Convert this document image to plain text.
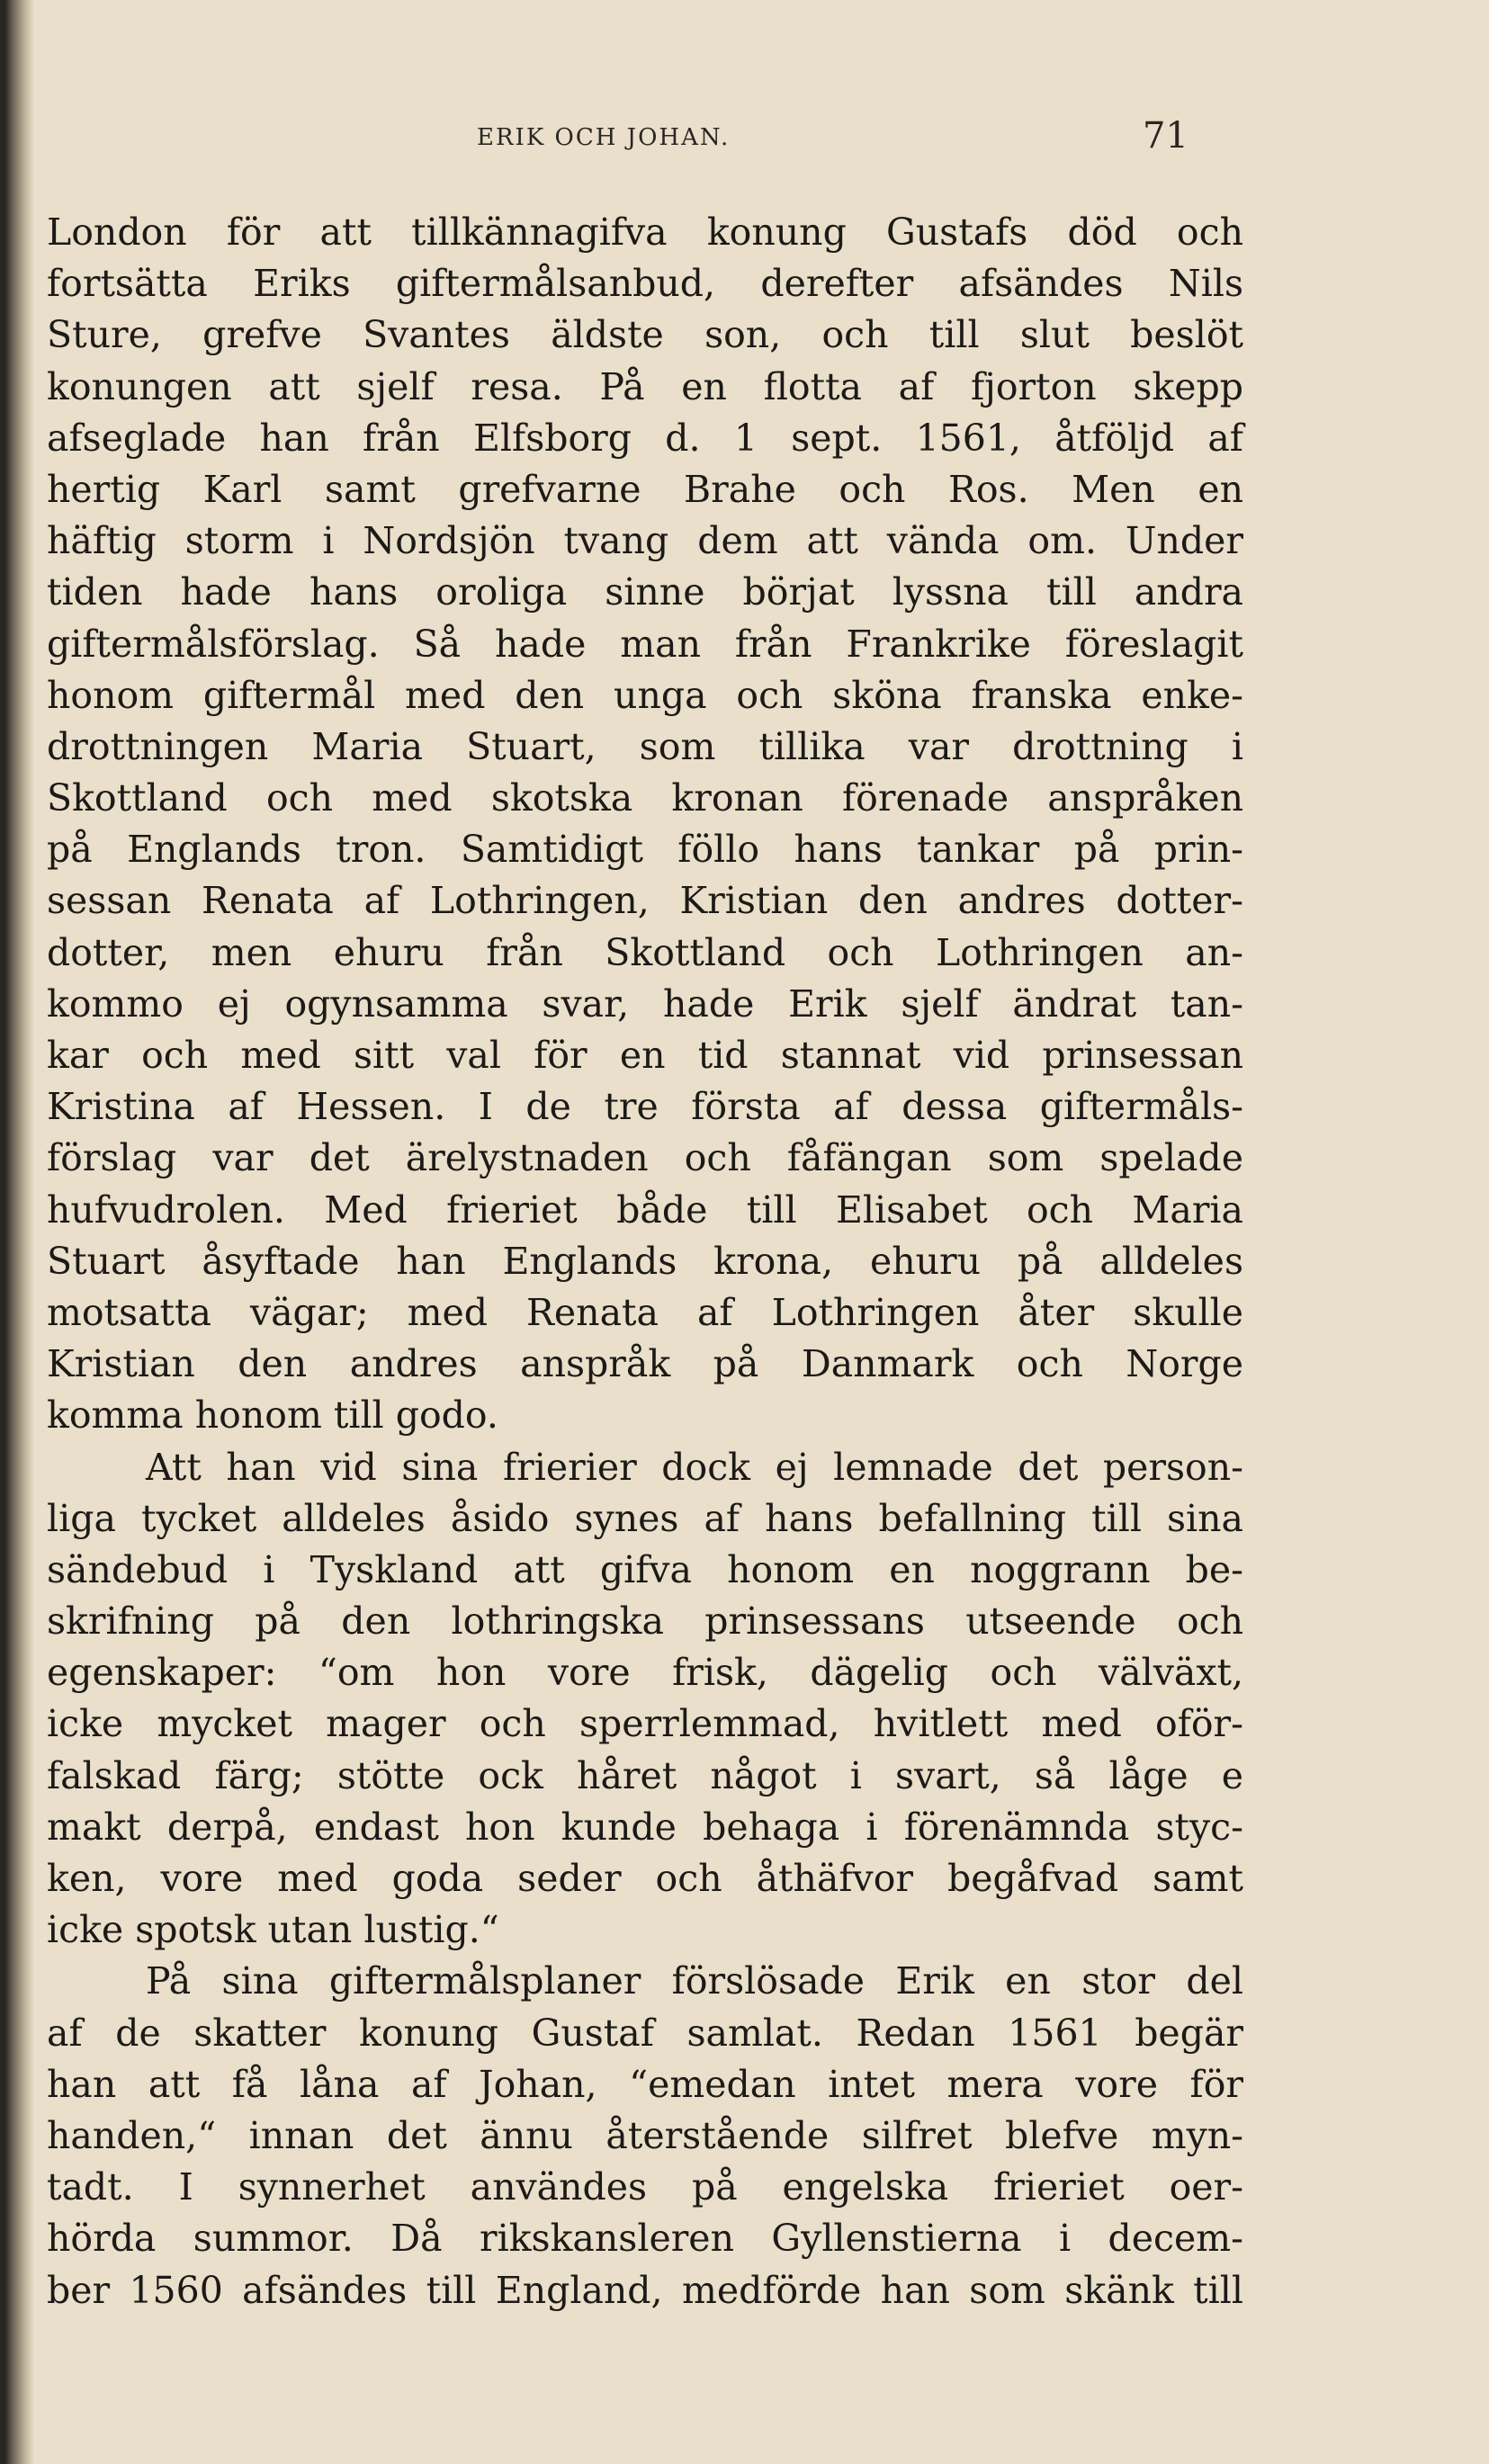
ERIK OCH JOHAN.	71
London för att tillkännagifva konung Gustafs död och
fortsätta Eriks giftermålsanbud, derefter afsändes Nils
Sture, grefve Svantes äldste son, och till slut beslöt
konungen att sjelf resa. På en flotta af fjorton skepp
afseglade han från Elfsborg d. 1 sept. 1561, åtföljd af
hertig Karl samt grefvarne Brahe och Ros. Men en
häftig storm i Nordsjön tvang dem att vända om. Under
tiden hade hans oroliga sinne börjat lyssna till andra
giftermålsförslag. Så hade man från Frankrike föreslagit
honom giftermål med den unga och sköna franska enke-
drottningen Maria Stuart, som tillika var drottning i
Skottland och med skotska kronan förenade anspråken
på Englands tron. Samtidigt föllo hans tankar på prin-
sessan Renata af Lothringen, Kristian den andres dotter-
dotter, men ehuru från Skottland och Lothringen an-
kommo ej ogynsamma svar, hade Erik sjelf ändrat tan-
kar och med sitt val för en tid stannat vid prinsessan
Kristina af Hessen. I de tre första af dessa giftermåls-
förslag var det ärelystnaden och fåfängan som spelade
hufvudrolen. Med frieriet både till Elisabet och Maria
Stuart åsyftade han Englands krona, ehuru på alldeles
motsatta vägar; med Renata af Lothringen åter skulle
Kristian den andres anspråk på Danmark och Norge
komma honom till godo.
Att han vid sina frierier dock ej lemnade det person-
liga tycket alldeles åsido synes af hans befallning till sina
sändebud i Tyskland att gifva honom en noggrann be-
skrifning på den lothringska prinsessans utseende och
egenskaper: “om hon vore frisk, dägelig och välväxt,
icke mycket mager och sperrlemmad, hvitlett med oför-
falskad färg; stötte ock håret något i svart, så låge e
makt derpå, endast hon kunde behaga i förenämnda styc-
ken, vore med goda seder och åthäfvor begåfvad samt
icke spotsk utan lustig.“
På sina giftermålsplaner förslösade Erik en stor del
af de skatter konung Gustaf samlat. Redan 1561 begär
han att få låna af Johan, “emedan intet mera vore för
handen,“ innan det ännu återstående silfret blefve myn-
tadt. I synnerhet användes på engelska frieriet oer-
hörda summor. Då rikskansleren Gyllenstierna i decem-
ber 1560 afsändes till England, medförde han som skänk till
